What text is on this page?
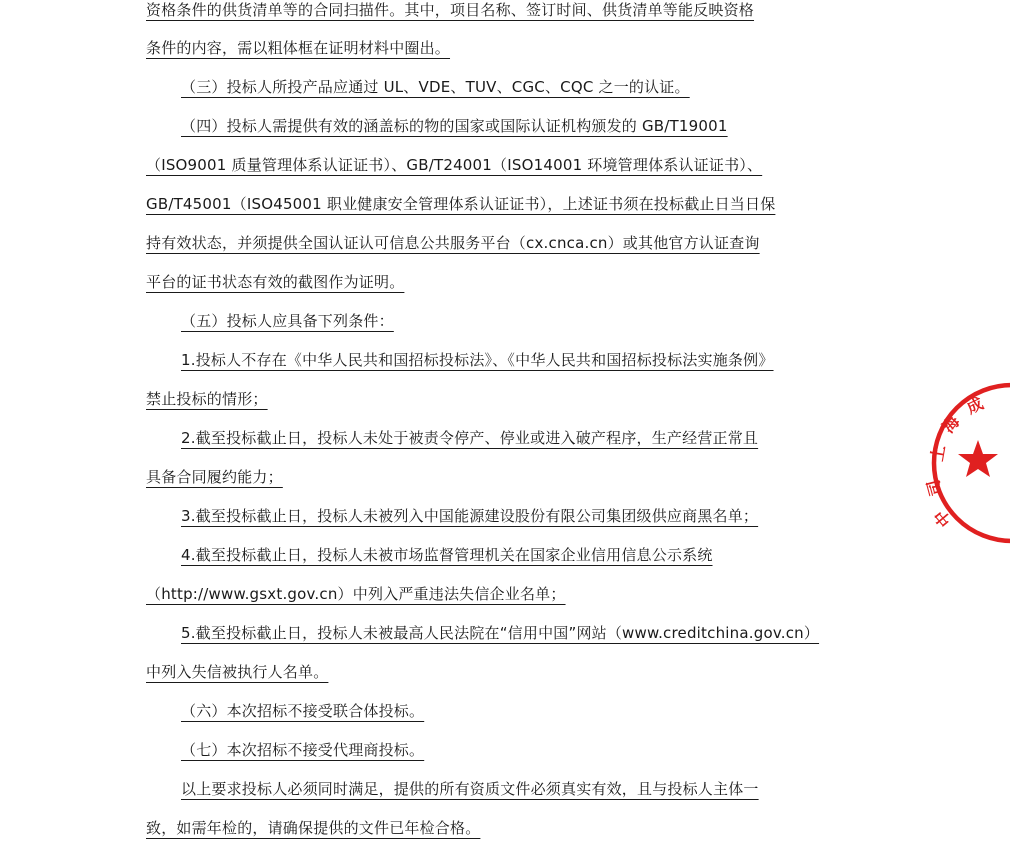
资格条件的供货清单等的合同扫描件。其中，项目名称、签订时间、供货清单等能反映资格
条件的内容，需以粗体框在证明材料中圈出。
（三）投标人所投产品应通过 UL、VDE、TUV、CGC、CQC 之一的认证。
（四）投标人需提供有效的涵盖标的物的国家或国际认证机构颁发的 GB/T19001
（ISO9001 质量管理体系认证证书）、GB/T24001（ISO14001 环境管理体系认证证书）、
GB/T45001（ISO45001 职业健康安全管理体系认证证书），上述证书须在投标截止日当日保
持有效状态，并须提供全国认证认可信息公共服务平台（cx.cnca.cn）或其他官方认证查询
平台的证书状态有效的截图作为证明。
（五）投标人应具备下列条件：
1.投标人不存在《中华人民共和国招标投标法》、《中华人民共和国招标投标法实施条例》
禁止投标的情形；
2.截至投标截止日，投标人未处于被责令停产、停业或进入破产程序，生产经营正常且
具备合同履约能力；
3.截至投标截止日，投标人未被列入中国能源建设股份有限公司集团级供应商黑名单；
4.截至投标截止日，投标人未被市场监督管理机关在国家企业信用信息公示系统
（http://www.gsxt.gov.cn）中列入严重违法失信企业名单；
5.截至投标截止日，投标人未被最高人民法院在“信用中国”网站（www.creditchina.gov.cn）
中列入失信被执行人名单。
（六）本次招标不接受联合体投标。
（七）本次招标不接受代理商投标。
以上要求投标人必须同时满足，提供的所有资质文件必须真实有效，且与投标人主体一
致，如需年检的，请确保提供的文件已年检合格。
成
海
上
司
中
